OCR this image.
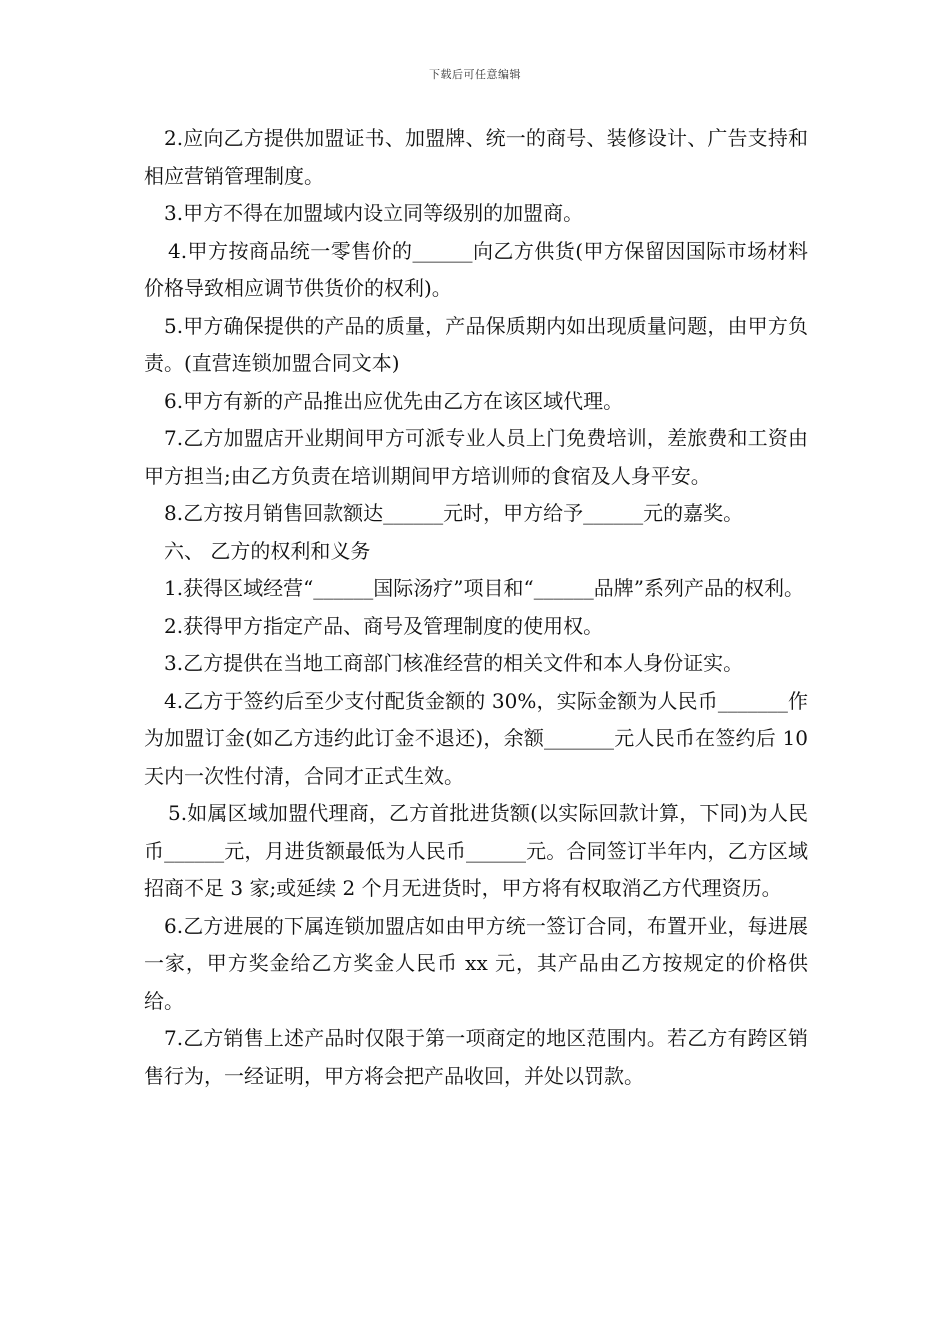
下载后可任意编辑

2.应向乙方提供加盟证书、加盟牌、统一的商号、装修设计、广告支持和相应营销管理制度。

3.甲方不得在加盟域内设立同等级别的加盟商。

4.甲方按商品统一零售价的______向乙方供货(甲方保留因国际市场材料价格导致相应调节供货价的权利)。

5.甲方确保提供的产品的质量，产品保质期内如出现质量问题，由甲方负责。(直营连锁加盟合同文本)

6.甲方有新的产品推出应优先由乙方在该区域代理。

7.乙方加盟店开业期间甲方可派专业人员上门免费培训，差旅费和工资由甲方担当;由乙方负责在培训期间甲方培训师的食宿及人身平安。

8.乙方按月销售回款额达______元时，甲方给予______元的嘉奖。

六、 乙方的权利和义务

1.获得区域经营“______国际汤疗”项目和“______品牌”系列产品的权利。

2.获得甲方指定产品、商号及管理制度的使用权。

3.乙方提供在当地工商部门核准经营的相关文件和本人身份证实。

4.乙方于签约后至少支付配货金额的 30%，实际金额为人民币_______作为加盟订金(如乙方违约此订金不退还)，余额_______元人民币在签约后 10 天内一次性付清，合同才正式生效。

5.如属区域加盟代理商，乙方首批进货额(以实际回款计算，下同)为人民币______元，月进货额最低为人民币______元。合同签订半年内，乙方区域招商不足 3 家;或延续 2 个月无进货时，甲方将有权取消乙方代理资历。

6.乙方进展的下属连锁加盟店如由甲方统一签订合同，布置开业，每进展一家，甲方奖金给乙方奖金人民币 xx 元，其产品由乙方按规定的价格供给。

7.乙方销售上述产品时仅限于第一项商定的地区范围内。若乙方有跨区销售行为，一经证明，甲方将会把产品收回，并处以罚款。
